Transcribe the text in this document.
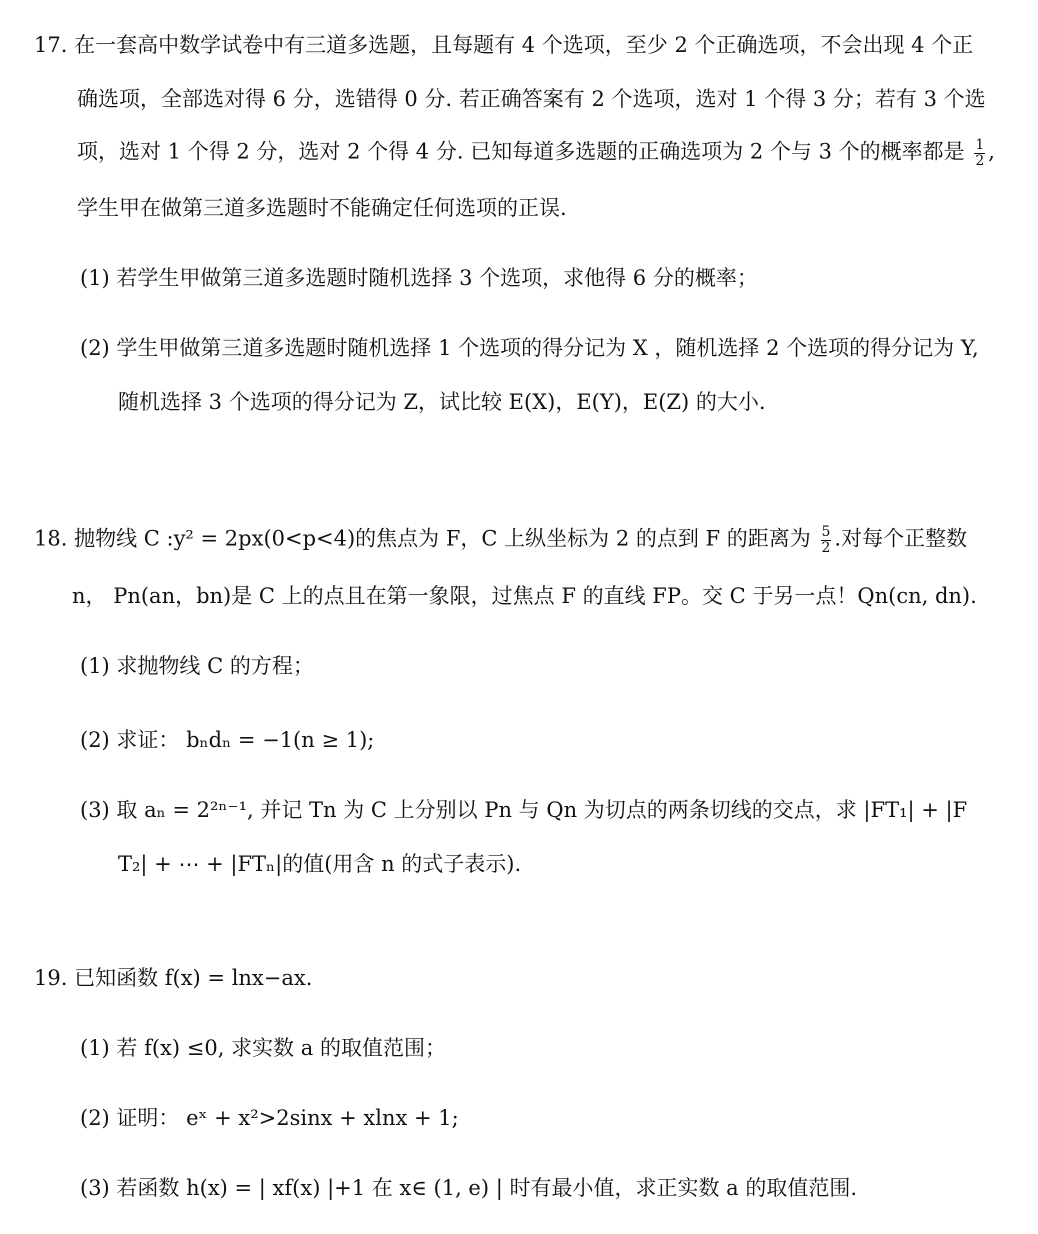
17. 在一套高中数学试卷中有三道多选题，且每题有 4 个选项，至少 2 个正确选项，不会出现 4 个正
确选项，全部选对得 6 分，选错得 0 分. 若正确答案有 2 个选项，选对 1 个得 3 分；若有 3 个选
项，选对 1 个得 2 分，选对 2 个得 4 分. 已知每道多选题的正确选项为 2 个与 3 个的概率都是 $\frac{1}{2}$ ,
学生甲在做第三道多选题时不能确定任何选项的正误.
(1) 若学生甲做第三道多选题时随机选择 3 个选项，求他得 6 分的概率；
(2) 学生甲做第三道多选题时随机选择 1 个选项的得分记为 X ，随机选择 2 个选项的得分记为 Y,
随机选择 3 个选项的得分记为 Z，试比较 E(X)，E(Y)，E(Z) 的大小.
18. 抛物线 C :y² = 2px(0<p<4)的焦点为 F，C 上纵坐标为 2 的点到 F 的距离为 $\frac{5}{2}$ .对每个正整数
n， Pn(an，bn)是 C 上的点且在第一象限，过焦点 F 的直线 FP。交 C 于另一点！Qn(cn, dn).
(1) 求抛物线 C 的方程；
(2) 求证： bₙdₙ = −1(n ≥ 1);
(3) 取 aₙ = 2²ⁿ⁻¹, 并记 Tn 为 C 上分别以 Pn 与 Qn 为切点的两条切线的交点，求 |FT₁| + |F
T₂| + ⋯ + |FTₙ|的值(用含 n 的式子表示).
19. 已知函数 f(x) = lnx−ax.
(1) 若 f(x) ≤0, 求实数 a 的取值范围；
(2) 证明： eˣ + x²>2sinx + xlnx + 1;
(3) 若函数 h(x) = | xf(x) |+1 在 x∈ (1, e) | 时有最小值，求正实数 a 的取值范围.
